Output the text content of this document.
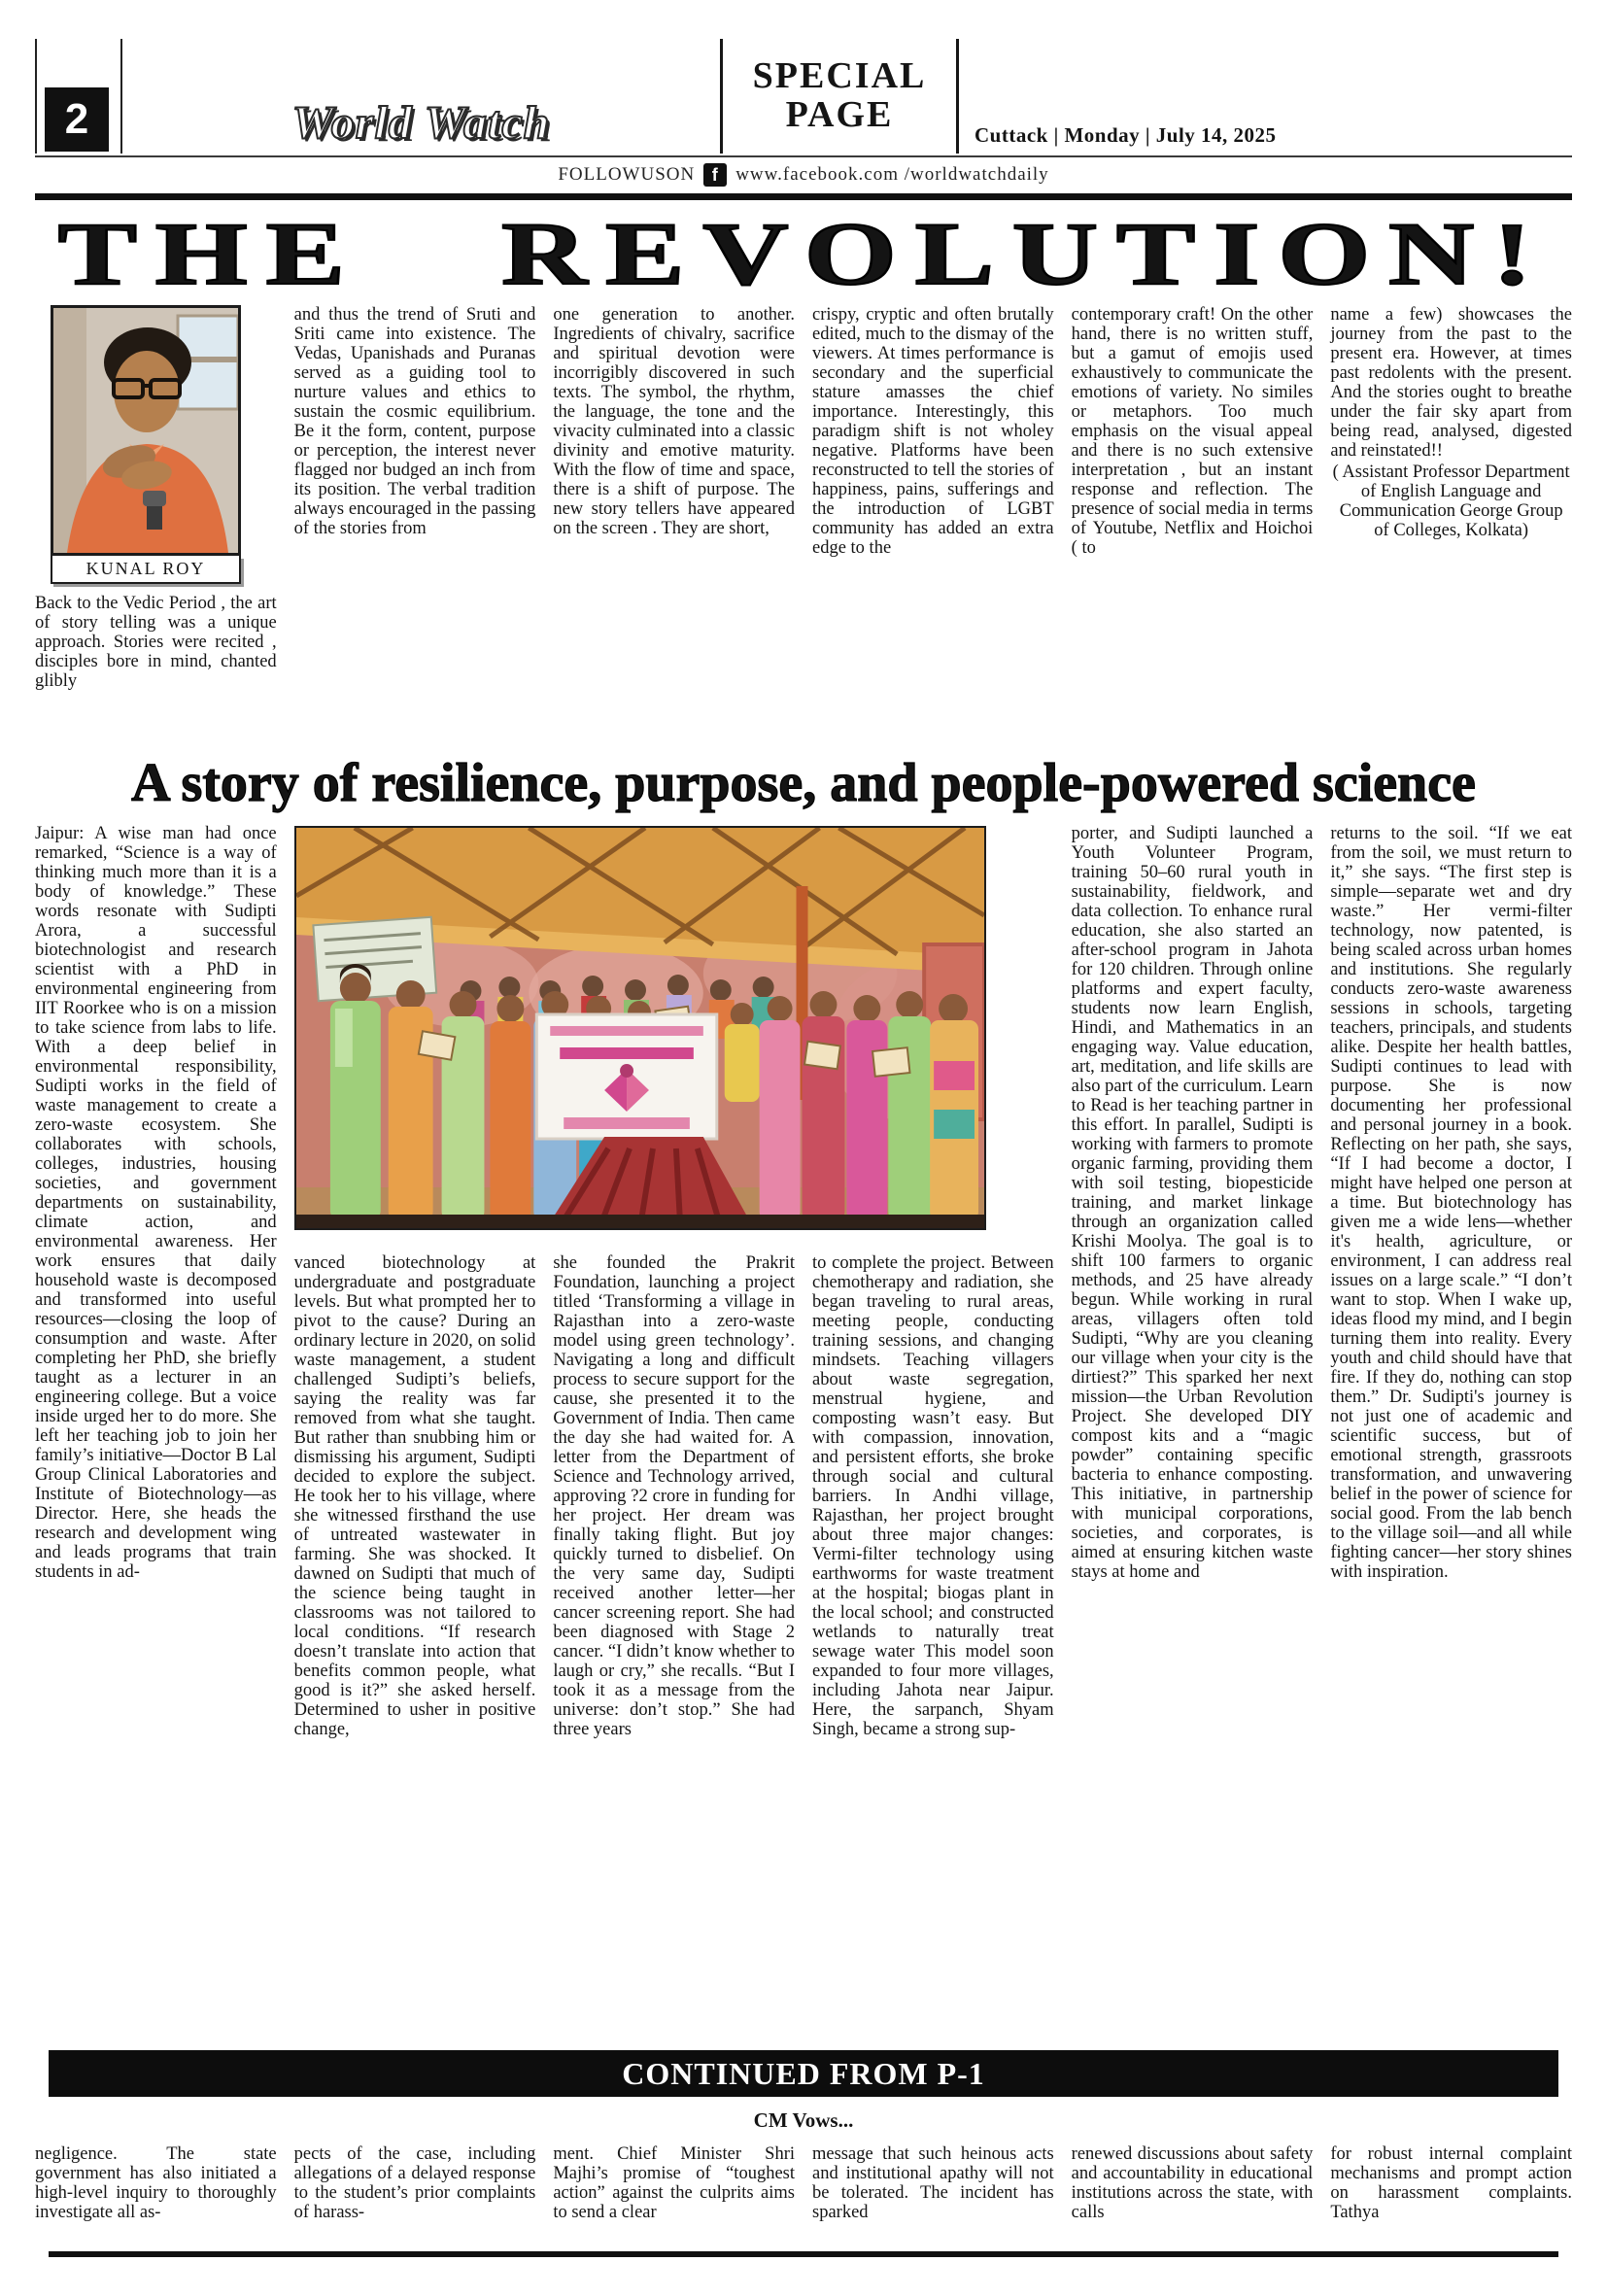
2	World Watch
SPECIAL PAGE	Cuttack | Monday | July 14, 2025
FOLLOWUSON f www.facebook.com /worldwatchdaily
THE REVOLUTION!
KUNAL ROY

Back to the Vedic Period , the art of story telling was a unique approach. Stories were recited , disciples bore in mind, chanted glibly

and thus the trend of Sruti and Sriti came into existence. The Vedas, Upanishads and Puranas served as a guiding tool to nurture values and ethics to sustain the cosmic equilibrium. Be it the form, content, purpose or perception, the interest never flagged nor budged an inch from its position. The verbal tradition always encouraged in the passing of the stories from
one generation to another. Ingredients of chivalry, sacrifice and spiritual devotion were incorrigibly discovered in such texts. The symbol, the rhythm, the language, the tone and the vivacity culminated into a classic divinity and emotive maturity. With the flow of time and space, there is a shift of purpose. The new story tellers have appeared on the screen . They are short,
crispy, cryptic and often brutally edited, much to the dismay of the viewers. At times performance is secondary and the superficial stature amasses the chief importance. Interestingly, this paradigm shift is not wholey negative. Platforms have been reconstructed to tell the stories of happiness, pains, sufferings and the introduction of LGBT community has added an extra edge to the
contemporary craft! On the other hand, there is no written stuff, but a gamut of emojis used exhaustively to communicate the emotions of variety. No similes or metaphors. Too much emphasis on the visual appeal and there is no such extensive interpretation , but an instant response and reflection. The presence of social media in terms of Youtube, Netflix and Hoichoi ( to

name a few) showcases the journey from the past to the present era. However, at times past redolents with the present. And the stories ought to breathe under the fair sky apart from being read, analysed, digested and reinstated!!

( Assistant Professor Department of English Language and Communication George Group of Colleges, Kolkata)

A story of resilience, purpose, and people-powered science
Jaipur: A wise man had once remarked, “Science is a way of thinking much more than it is a body of knowledge.” These words resonate with Sudipti Arora, a successful biotechnologist and research scientist with a PhD in environmental engineering from IIT Roorkee who is on a mission to take science from labs to life. With a deep belief in environmental responsibility, Sudipti works in the field of waste management to create a zero-waste ecosystem. She collaborates with schools, colleges, industries, housing societies, and government departments on sustainability, climate action, and environmental awareness. Her work ensures that daily household waste is decomposed and transformed into useful resources—closing the loop of consumption and waste. After completing her PhD, she briefly taught as a lecturer in an engineering college. But a voice inside urged her to do more. She left her teaching job to join her family’s initiative—Doctor B Lal Group Clinical Laboratories and Institute of Biotechnology—as Director. Here, she heads the research and development wing and leads programs that train students in ad-
vanced biotechnology at undergraduate and postgraduate levels. But what prompted her to pivot to the cause? During an ordinary lecture in 2020, on solid waste management, a student challenged Sudipti’s beliefs, saying the reality was far removed from what she taught. But rather than snubbing him or dismissing his argument, Sudipti decided to explore the subject. He took her to his village, where she witnessed firsthand the use of untreated wastewater in farming. She was shocked. It dawned on Sudipti that much of the science being taught in classrooms was not tailored to local conditions. “If research doesn’t translate into action that benefits common people, what good is it?” she asked herself. Determined to usher in positive change,
she founded the Prakrit Foundation, launching a project titled ‘Transforming a village in Rajasthan into a zero-waste model using green technology’. Navigating a long and difficult process to secure support for the cause, she presented it to the Government of India. Then came the day she had waited for. A letter from the Department of Science and Technology arrived, approving ?2 crore in funding for her project. Her dream was finally taking flight. But joy quickly turned to disbelief. On the very same day, Sudipti received another letter—her cancer screening report. She had been diagnosed with Stage 2 cancer. “I didn’t know whether to laugh or cry,” she recalls. “But I took it as a message from the universe: don’t stop.” She had three years
to complete the project. Between chemotherapy and radiation, she began traveling to rural areas, meeting people, conducting training sessions, and changing mindsets. Teaching villagers about waste segregation, menstrual hygiene, and composting wasn’t easy. But with compassion, innovation, and persistent efforts, she broke through social and cultural barriers. In Andhi village, Rajasthan, her project brought about three major changes: Vermi-filter technology using earthworms for waste treatment at the hospital; biogas plant in the local school; and constructed wetlands to naturally treat sewage water This model soon expanded to four more villages, including Jahota near Jaipur. Here, the sarpanch, Shyam Singh, became a strong sup-
porter, and Sudipti launched a Youth Volunteer Program, training 50–60 rural youth in sustainability, fieldwork, and data collection. To enhance rural education, she also started an after-school program in Jahota for 120 children. Through online platforms and expert faculty, students now learn English, Hindi, and Mathematics in an engaging way. Value education, art, meditation, and life skills are also part of the curriculum. Learn to Read is her teaching partner in this effort. In parallel, Sudipti is working with farmers to promote organic farming, providing them with soil testing, biopesticide training, and market linkage through an organization called Krishi Moolya. The goal is to shift 100 farmers to organic methods, and 25 have already begun. While working in rural areas, villagers often told Sudipti, “Why are you cleaning our village when your city is the dirtiest?” This sparked her next mission—the Urban Revolution Project. She developed DIY compost kits and a “magic powder” containing specific bacteria to enhance composting. This initiative, in partnership with municipal corporations, societies, and corporates, is aimed at ensuring kitchen waste stays at home and
returns to the soil. “If we eat from the soil, we must return to it,” she says. “The first step is simple—separate wet and dry waste.” Her vermi-filter technology, now patented, is being scaled across urban homes and institutions. She regularly conducts zero-waste awareness sessions in schools, targeting teachers, principals, and students alike. Despite her health battles, Sudipti continues to lead with purpose. She is now documenting her professional and personal journey in a book. Reflecting on her path, she says, “If I had become a doctor, I might have helped one person at a time. But biotechnology has given me a wide lens—whether it's health, agriculture, or environment, I can address real issues on a large scale.” “I don’t want to stop. When I wake up, ideas flood my mind, and I begin turning them into reality. Every youth and child should have that fire. If they do, nothing can stop them.” Dr. Sudipti's journey is not just one of academic and scientific success, but of emotional strength, grassroots transformation, and unwavering belief in the power of science for social good. From the lab bench to the village soil—and all while fighting cancer—her story shines with inspiration.
CONTINUED FROM P-1
CM Vows...
negligence. The state government has also initiated a high-level inquiry to thoroughly investigate all as-
pects of the case, including allegations of a delayed response to the student’s prior complaints of harass-
ment. Chief Minister Shri Majhi’s promise of “toughest action” against the culprits aims to send a clear
message that such heinous acts and institutional apathy will not be tolerated. The incident has sparked
renewed discussions about safety and accountability in educational institutions across the state, with calls
for robust internal complaint mechanisms and prompt action on harassment complaints. Tathya
